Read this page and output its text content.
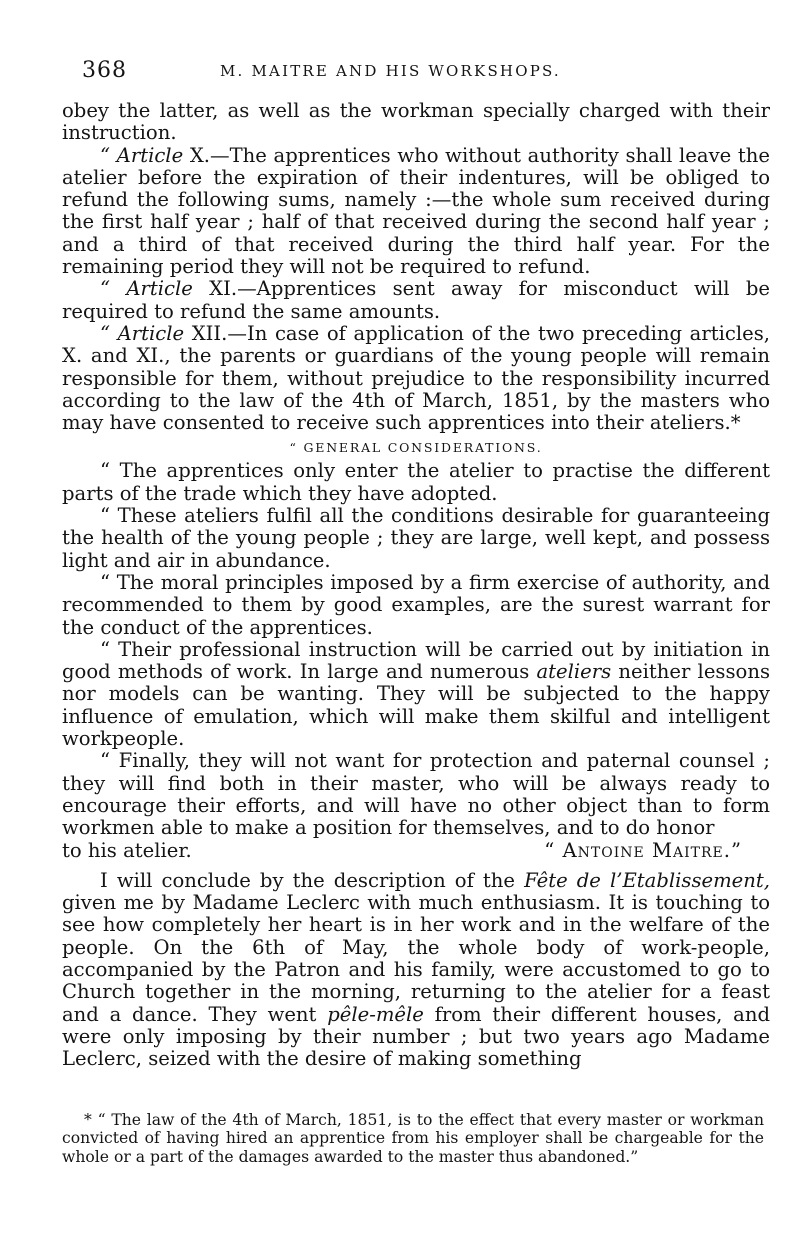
368	M. MAITRE AND HIS WORKSHOPS.

obey the latter, as well as the workman specially charged with their instruction.

“ Article X.—The apprentices who without authority shall leave the atelier before the expiration of their indentures, will be obliged to refund the following sums, namely :—the whole sum received during the first half year ; half of that received during the second half year ; and a third of that received during the third half year. For the remaining period they will not be required to refund.

“ Article XI.—Apprentices sent away for misconduct will be required to refund the same amounts.

“ Article XII.—In case of application of the two preceding articles, X. and XI., the parents or guardians of the young people will remain responsible for them, without prejudice to the responsibility incurred according to the law of the 4th of March, 1851, by the masters who may have consented to receive such apprentices into their ateliers.*

“ GENERAL CONSIDERATIONS.

“ The apprentices only enter the atelier to practise the different parts of the trade which they have adopted.

“ These ateliers fulfil all the conditions desirable for guaranteeing the health of the young people ; they are large, well kept, and possess light and air in abundance.

“ The moral principles imposed by a firm exercise of authority, and recommended to them by good examples, are the surest warrant for the conduct of the apprentices.

“ Their professional instruction will be carried out by initiation in good methods of work. In large and numerous ateliers neither lessons nor models can be wanting. They will be subjected to the happy influence of emulation, which will make them skilful and intelligent workpeople.

“ Finally, they will not want for protection and paternal counsel ; they will find both in their master, who will be always ready to encourage their efforts, and will have no other object than to form workmen able to make a position for themselves, and to do honor

to his atelier.	“ Antoine Maitre.”

I will conclude by the description of the Fête de l’Etablissement, given me by Madame Leclerc with much enthusiasm. It is touching to see how completely her heart is in her work and in the welfare of the people. On the 6th of May, the whole body of work-people, accompanied by the Patron and his family, were accustomed to go to Church together in the morning, returning to the atelier for a feast and a dance. They went pêle-mêle from their different houses, and were only imposing by their number ; but two years ago Madame Leclerc, seized with the desire of making something

* “ The law of the 4th of March, 1851, is to the effect that every master or workman convicted of having hired an apprentice from his employer shall be chargeable for the whole or a part of the damages awarded to the master thus abandoned.”
